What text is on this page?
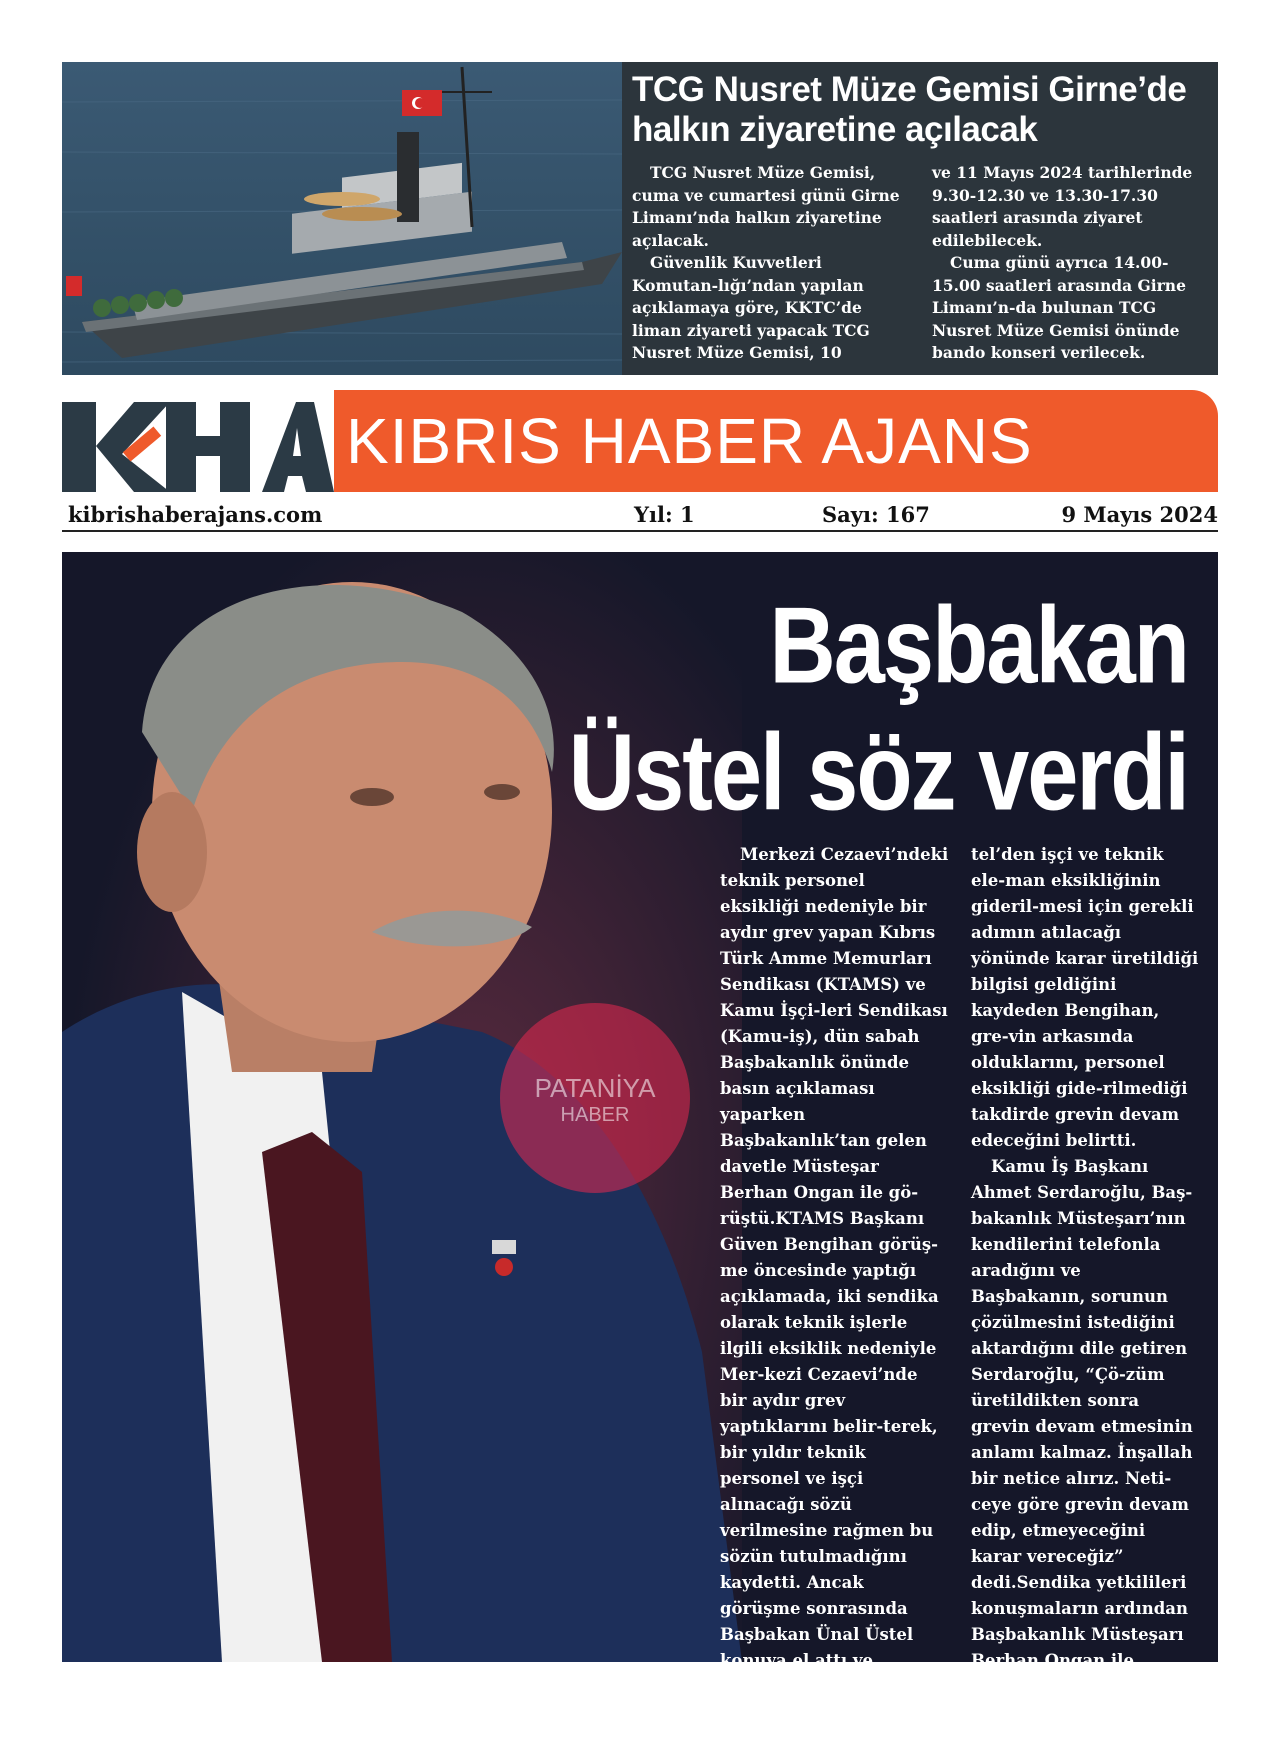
TCG Nusret Müze Gemisi Girne’de halkın ziyaretine açılacak

TCG Nusret Müze Gemisi, cuma ve cumartesi günü Girne Limanı’nda halkın ziyaretine açılacak.

Güvenlik Kuvvetleri Komutan-lığı’ndan yapılan açıklamaya göre, KKTC’de liman ziyareti yapacak TCG Nusret Müze Gemisi, 10

ve 11 Mayıs 2024 tarihlerinde 9.30-12.30 ve 13.30-17.30 saatleri arasında ziyaret edilebilecek.

Cuma günü ayrıca 14.00-15.00 saatleri arasında Girne Limanı’n-da bulunan TCG Nusret Müze Gemisi önünde bando konseri verilecek.

KIBRIS HABER AJANS
kibrishaberajans.com	Yıl: 1	Sayı: 167	9 Mayıs 2024
Başbakan
Üstel söz verdi

Merkezi Cezaevi’ndeki teknik personel eksikliği nedeniyle bir aydır grev yapan Kıbrıs Türk Amme Memurları Sendikası (KTAMS) ve Kamu İşçi-leri Sendikası (Kamu-iş), dün sabah Başbakanlık önünde basın açıklaması yaparken Başbakanlık’tan gelen davetle Müsteşar Berhan Ongan ile gö-rüştü.KTAMS Başkanı Güven Bengihan görüş-me öncesinde yaptığı açıklamada, iki sendika olarak teknik işlerle ilgili eksiklik nedeniyle Mer-kezi Cezaevi’nde bir aydır grev yaptıklarını belir-terek, bir yıldır teknik personel ve işçi alınacağı sözü verilmesine rağmen bu sözün tutulmadığını kaydetti. Ancak görüşme sonrasında Başbakan Ünal Üstel konuya el attı ve sendikalar istihdam sözünü aldı.

Başbakan Ünal Üs-

tel’den işçi ve teknik ele-man eksikliğinin gideril-mesi için gerekli adımın atılacağı yönünde karar üretildiği bilgisi geldiğini kaydeden Bengihan, gre-vin arkasında olduklarını, personel eksikliği gide-rilmediği takdirde grevin devam edeceğini belirtti.

Kamu İş Başkanı Ahmet Serdaroğlu, Baş-bakanlık Müsteşarı’nın kendilerini telefonla aradığını ve Başbakanın, sorunun çözülmesini istediğini aktardığını dile getiren Serdaroğlu, “Çö-züm üretildikten sonra grevin devam etmesinin anlamı kalmaz. İnşallah bir netice alırız. Neti-ceye göre grevin devam edip, etmeyeceğini karar vereceğiz” dedi.Sendika yetkilileri konuşmaların ardından Başbakanlık Müsteşarı Berhan Ongan ile görüşmek üzere Baş-bakanlığa girdi.

PATANİYA
HABER
